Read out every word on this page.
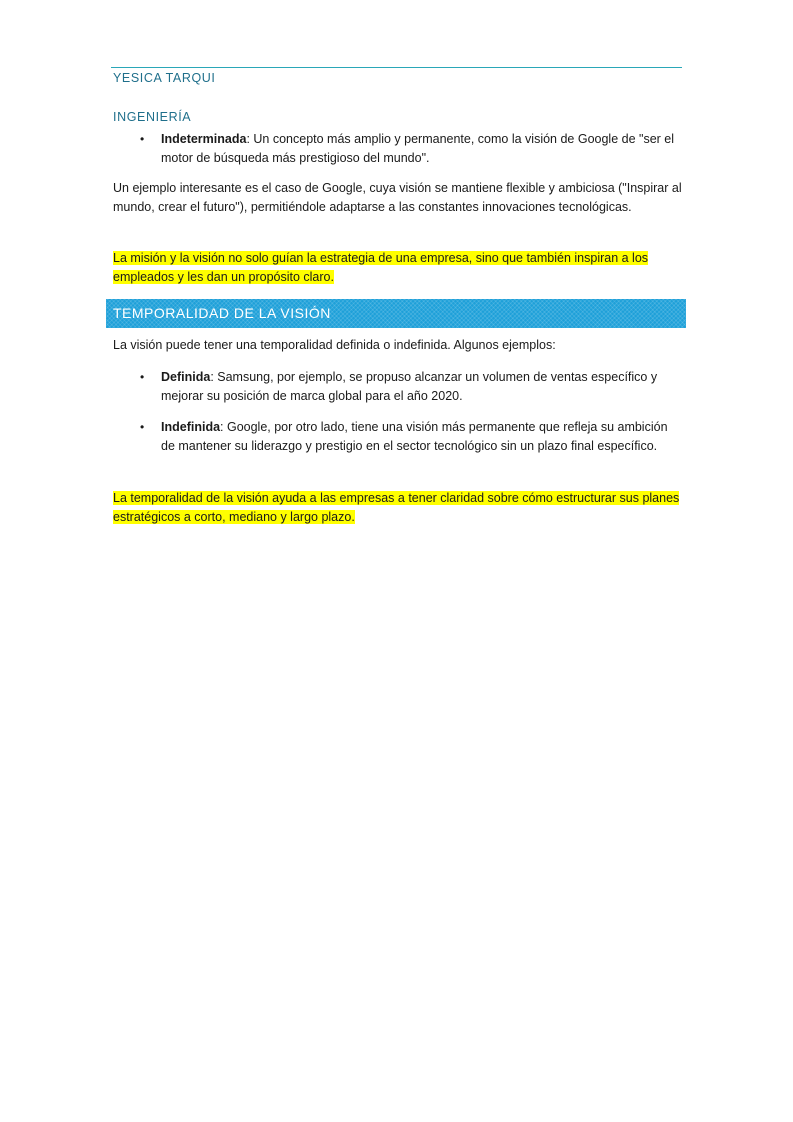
YESICA TARQUI
INGENIERÍA
• Indeterminada: Un concepto más amplio y permanente, como la visión de Google de "ser el motor de búsqueda más prestigioso del mundo".

Un ejemplo interesante es el caso de Google, cuya visión se mantiene flexible y ambiciosa ("Inspirar al mundo, crear el futuro"), permitiéndole adaptarse a las constantes innovaciones tecnológicas.

La misión y la visión no solo guían la estrategia de una empresa, sino que también inspiran a los empleados y les dan un propósito claro.

TEMPORALIDAD DE LA VISIÓN

La visión puede tener una temporalidad definida o indefinida. Algunos ejemplos:

• Definida: Samsung, por ejemplo, se propuso alcanzar un volumen de ventas específico y mejorar su posición de marca global para el año 2020.
• Indefinida: Google, por otro lado, tiene una visión más permanente que refleja su ambición de mantener su liderazgo y prestigio en el sector tecnológico sin un plazo final específico.

La temporalidad de la visión ayuda a las empresas a tener claridad sobre cómo estructurar sus planes estratégicos a corto, mediano y largo plazo.
